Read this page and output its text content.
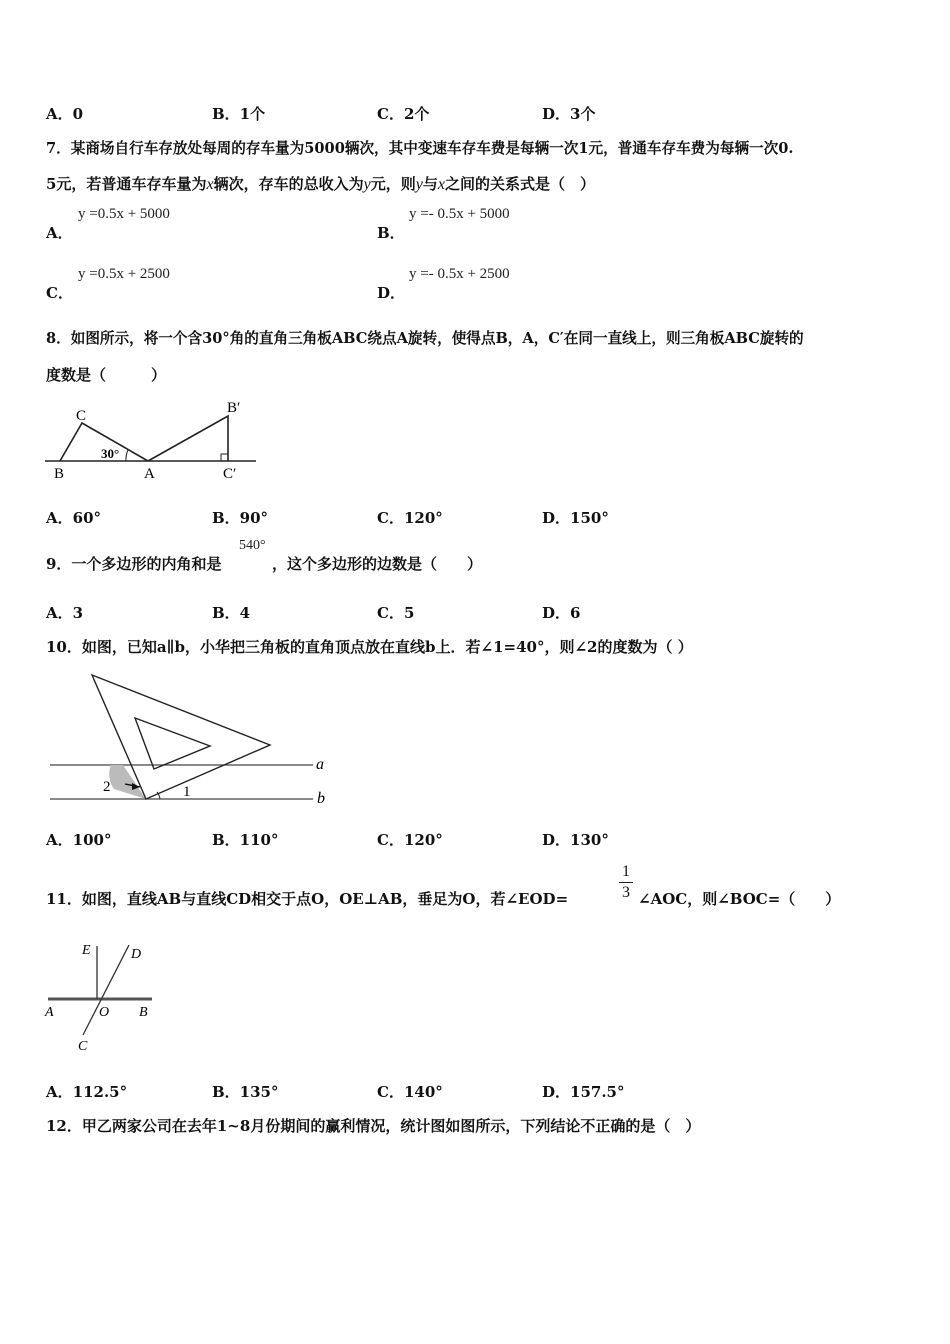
A．0	B．1个	C．2个	D．3个
7．某商场自行车存放处每周的存车量为5000辆次，其中变速车存车费是每辆一次1元，普通车存车费为每辆一次0.
5元，若普通车存车量为x辆次，存车的总收入为y元，则y与x之间的关系式是（　）
y =0.5x + 5000
A．
y =- 0.5x + 5000
B．
y =0.5x + 2500
C．
y =- 0.5x + 2500
D．
8．如图所示，将一个含30°角的直角三角板ABC绕点A旋转，使得点B，A，C′在同一直线上，则三角板ABC旋转的
度数是（　　　）
B
C
A
B′
C′
30°
A．60°	B．90°	C．120°	D．150°
9．一个多边形的内角和是
540°
，这个多边形的边数是（　　）
A．3	B．4	C．5	D．6
10．如图，已知a∥b，小华把三角板的直角顶点放在直线b上．若∠1=40°，则∠2的度数为（ ）
2	1
a
b
A．100°	B．110°	C．120°	D．130°
11．如图，直线AB与直线CD相交于点O，OE⊥AB，垂足为O，若∠EOD=	$\frac{1}{3}$ ∠AOC，则∠BOC=（　　）
E	D
A	O B
C
A．112.5°	B．135°	C．140°	D．157.5°
12．甲乙两家公司在去年1~8月份期间的赢利情况，统计图如图所示，下列结论不正确的是（　）
